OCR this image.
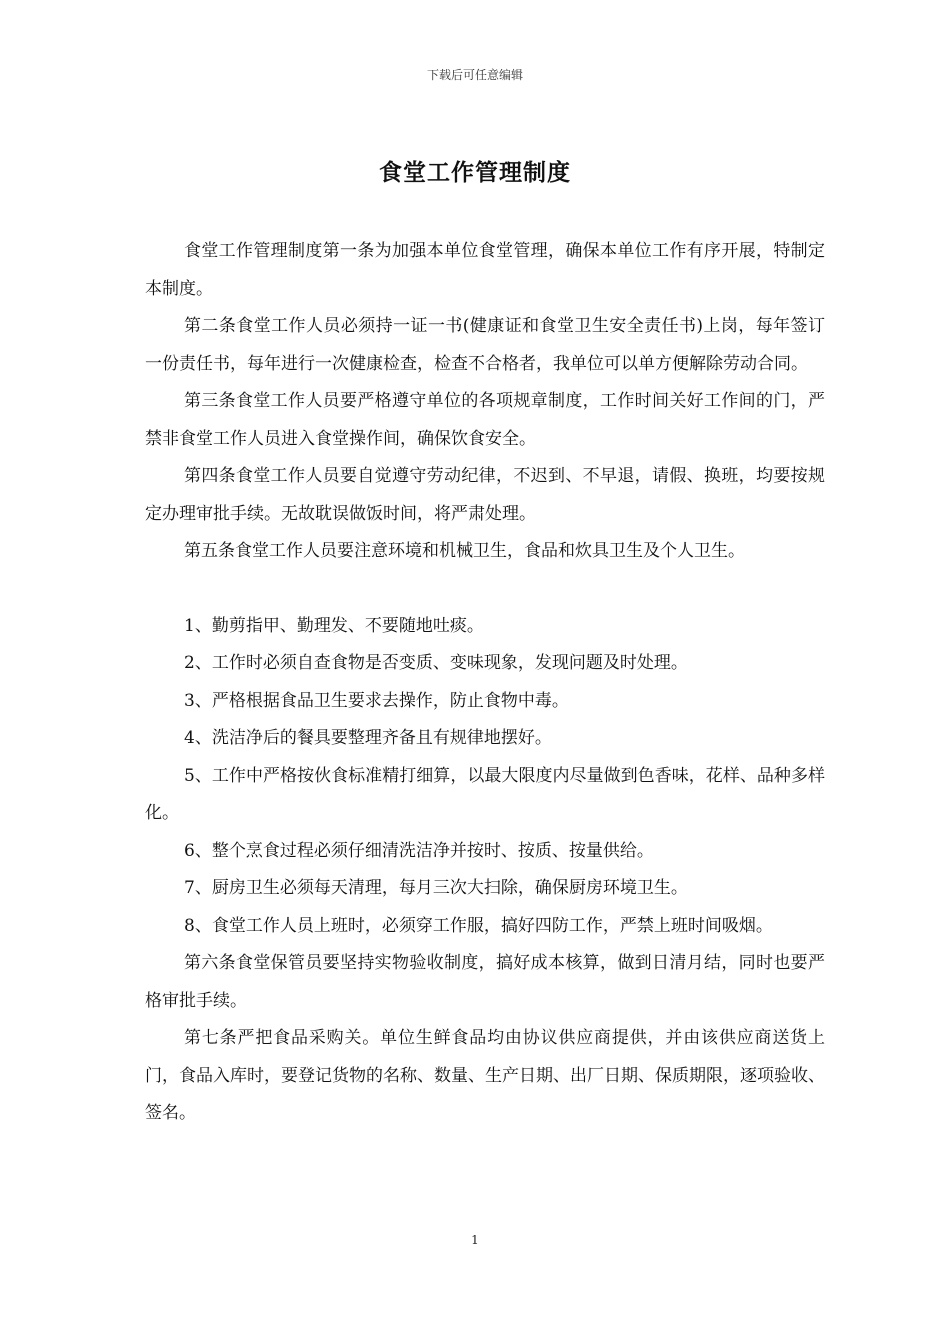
下载后可任意编辑
食堂工作管理制度

食堂工作管理制度第一条为加强本单位食堂管理，确保本单位工作有序开展，特制定本制度。

第二条食堂工作人员必须持一证一书(健康证和食堂卫生安全责任书)上岗，每年签订一份责任书，每年进行一次健康检查，检查不合格者，我单位可以单方便解除劳动合同。

第三条食堂工作人员要严格遵守单位的各项规章制度，工作时间关好工作间的门，严禁非食堂工作人员进入食堂操作间，确保饮食安全。

第四条食堂工作人员要自觉遵守劳动纪律，不迟到、不早退，请假、换班，均要按规定办理审批手续。无故耽误做饭时间，将严肃处理。

第五条食堂工作人员要注意环境和机械卫生，食品和炊具卫生及个人卫生。

1、勤剪指甲、勤理发、不要随地吐痰。

2、工作时必须自查食物是否变质、变味现象，发现问题及时处理。

3、严格根据食品卫生要求去操作，防止食物中毒。

4、洗洁净后的餐具要整理齐备且有规律地摆好。

5、工作中严格按伙食标准精打细算，以最大限度内尽量做到色香味，花样、品种多样化。

6、整个烹食过程必须仔细清洗洁净并按时、按质、按量供给。

7、厨房卫生必须每天清理，每月三次大扫除，确保厨房环境卫生。

8、食堂工作人员上班时，必须穿工作服，搞好四防工作，严禁上班时间吸烟。

第六条食堂保管员要坚持实物验收制度，搞好成本核算，做到日清月结，同时也要严格审批手续。

第七条严把食品采购关。单位生鲜食品均由协议供应商提供，并由该供应商送货上门，食品入库时，要登记货物的名称、数量、生产日期、出厂日期、保质期限，逐项验收、签名。

1
